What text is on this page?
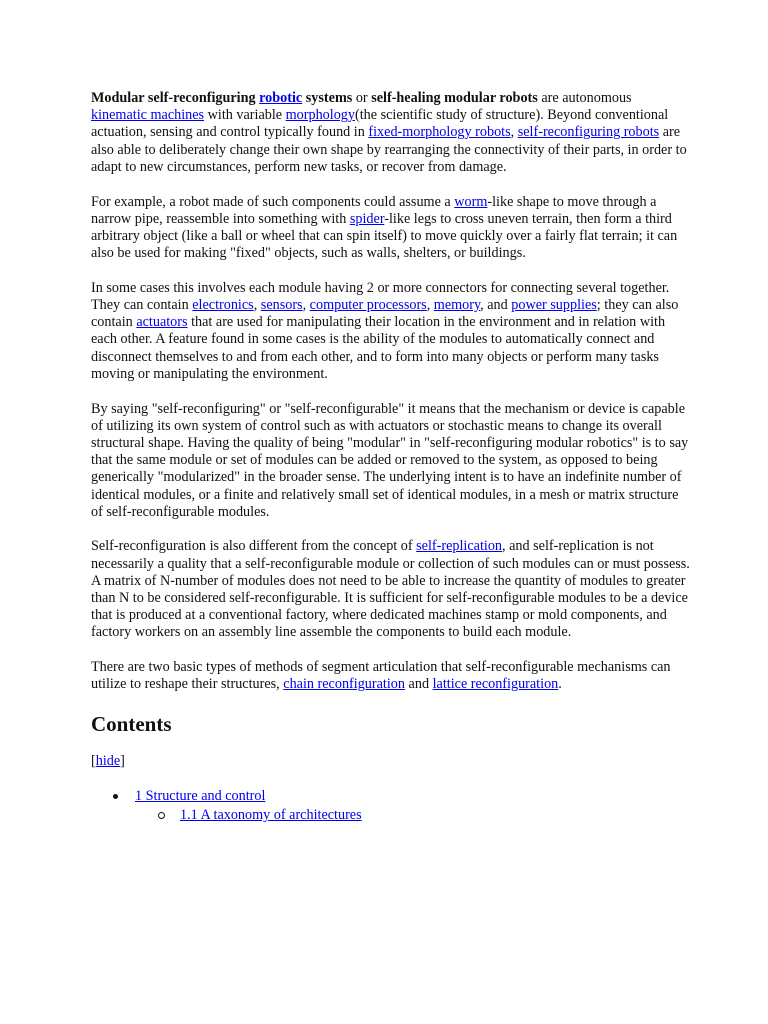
Modular self-reconfiguring robotic systems or self-healing modular robots are autonomous kinematic machines with variable morphology(the scientific study of structure). Beyond conventional actuation, sensing and control typically found in fixed-morphology robots, self-reconfiguring robots are also able to deliberately change their own shape by rearranging the connectivity of their parts, in order to adapt to new circumstances, perform new tasks, or recover from damage.

For example, a robot made of such components could assume a worm-like shape to move through a narrow pipe, reassemble into something with spider-like legs to cross uneven terrain, then form a third arbitrary object (like a ball or wheel that can spin itself) to move quickly over a fairly flat terrain; it can also be used for making "fixed" objects, such as walls, shelters, or buildings.

In some cases this involves each module having 2 or more connectors for connecting several together. They can contain electronics, sensors, computer processors, memory, and power supplies; they can also contain actuators that are used for manipulating their location in the environment and in relation with each other. A feature found in some cases is the ability of the modules to automatically connect and disconnect themselves to and from each other, and to form into many objects or perform many tasks moving or manipulating the environment.

By saying "self-reconfiguring" or "self-reconfigurable" it means that the mechanism or device is capable of utilizing its own system of control such as with actuators or stochastic means to change its overall structural shape. Having the quality of being "modular" in "self-reconfiguring modular robotics" is to say that the same module or set of modules can be added or removed to the system, as opposed to being generically "modularized" in the broader sense. The underlying intent is to have an indefinite number of identical modules, or a finite and relatively small set of identical modules, in a mesh or matrix structure of self-reconfigurable modules.

Self-reconfiguration is also different from the concept of self-replication, and self-replication is not necessarily a quality that a self-reconfigurable module or collection of such modules can or must possess. A matrix of N-number of modules does not need to be able to increase the quantity of modules to greater than N to be considered self-reconfigurable. It is sufficient for self-reconfigurable modules to be a device that is produced at a conventional factory, where dedicated machines stamp or mold components, and factory workers on an assembly line assemble the components to build each module.

There are two basic types of methods of segment articulation that self-reconfigurable mechanisms can utilize to reshape their structures, chain reconfiguration and lattice reconfiguration.

Contents
[hide]
1 Structure and control
1.1 A taxonomy of architectures
